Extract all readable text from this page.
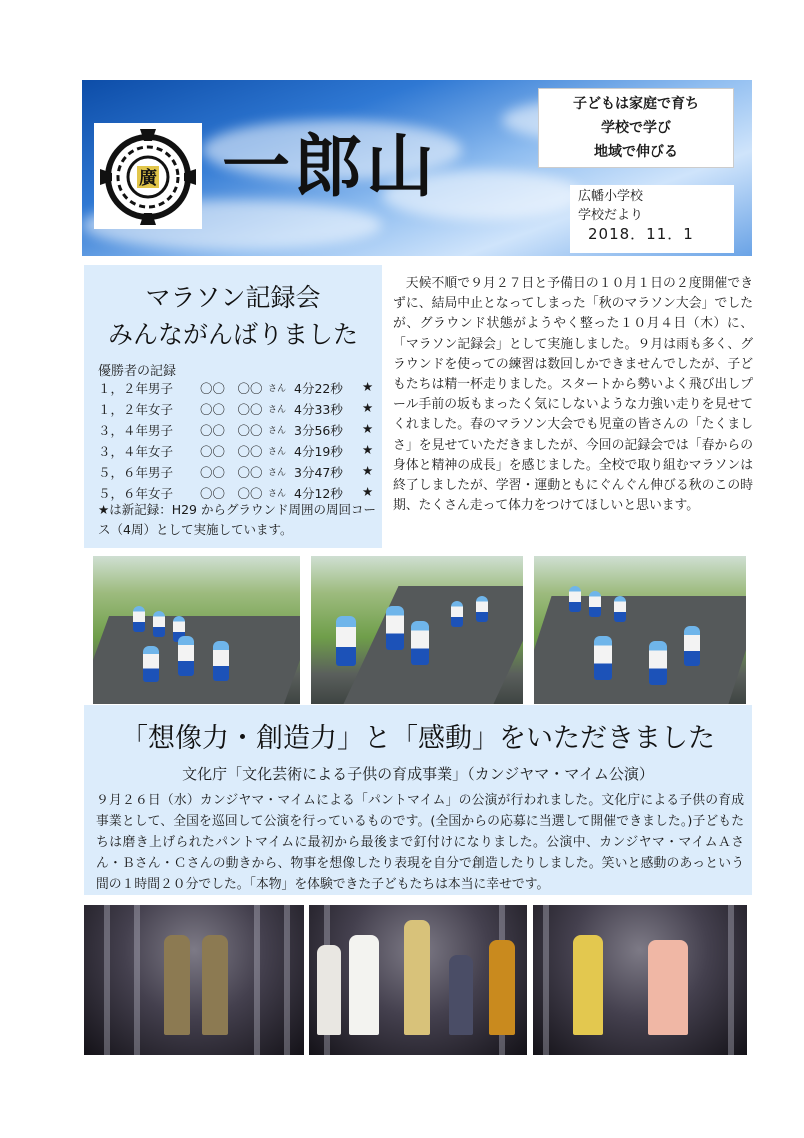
廣 一郎山
子どもは家庭で育ち
学校で学び
地域で伸びる
広幡小学校
学校だより
2018．11．1
マラソン記録会
みんながんばりました
優勝者の記録
１，２年男子 〇〇　〇〇 さん 4分22秒 ★
１，２年女子 〇〇　〇〇 さん 4分33秒 ★
３，４年男子 〇〇　〇〇 さん 3分56秒 ★
３，４年女子 〇〇　〇〇 さん 4分19秒 ★
５，６年男子 〇〇　〇〇 さん 3分47秒 ★
５，６年女子 〇〇　〇〇 さん 4分12秒 ★
★は新記録：H29 からグラウンド周囲の周回コース（4周）として実施しています。
天候不順で９月２７日と予備日の１０月１日の２度開催できずに、結局中止となってしまった「秋のマラソン大会」でしたが、グラウンド状態がようやく整った１０月４日（木）に、「マラソン記録会」として実施しました。９月は雨も多く、グラウンドを使っての練習は数回しかできませんでしたが、子どもたちは精一杯走りました。スタートから勢いよく飛び出しプール手前の坂もまったく気にしないような力強い走りを見せてくれました。春のマラソン大会でも児童の皆さんの「たくましさ」を見せていただきましたが、今回の記録会では「春からの身体と精神の成長」を感じました。全校で取り組むマラソンは終了しましたが、学習・運動ともにぐんぐん伸びる秋のこの時期、たくさん走って体力をつけてほしいと思います。
「想像力・創造力」と「感動」をいただきました
文化庁「文化芸術による子供の育成事業」（カンジヤマ・マイム公演）
９月２６日（水）カンジヤマ・マイムによる「パントマイム」の公演が行われました。文化庁による子供の育成事業として、全国を巡回して公演を行っているものです。(全国からの応募に当選して開催できました。)子どもたちは磨き上げられたパントマイムに最初から最後まで釘付けになりました。公演中、カンジヤマ・マイムＡさん・Ｂさん・Ｃさんの動きから、物事を想像したり表現を自分で創造したりしました。笑いと感動のあっという間の１時間２０分でした。「本物」を体験できた子どもたちは本当に幸せです。
